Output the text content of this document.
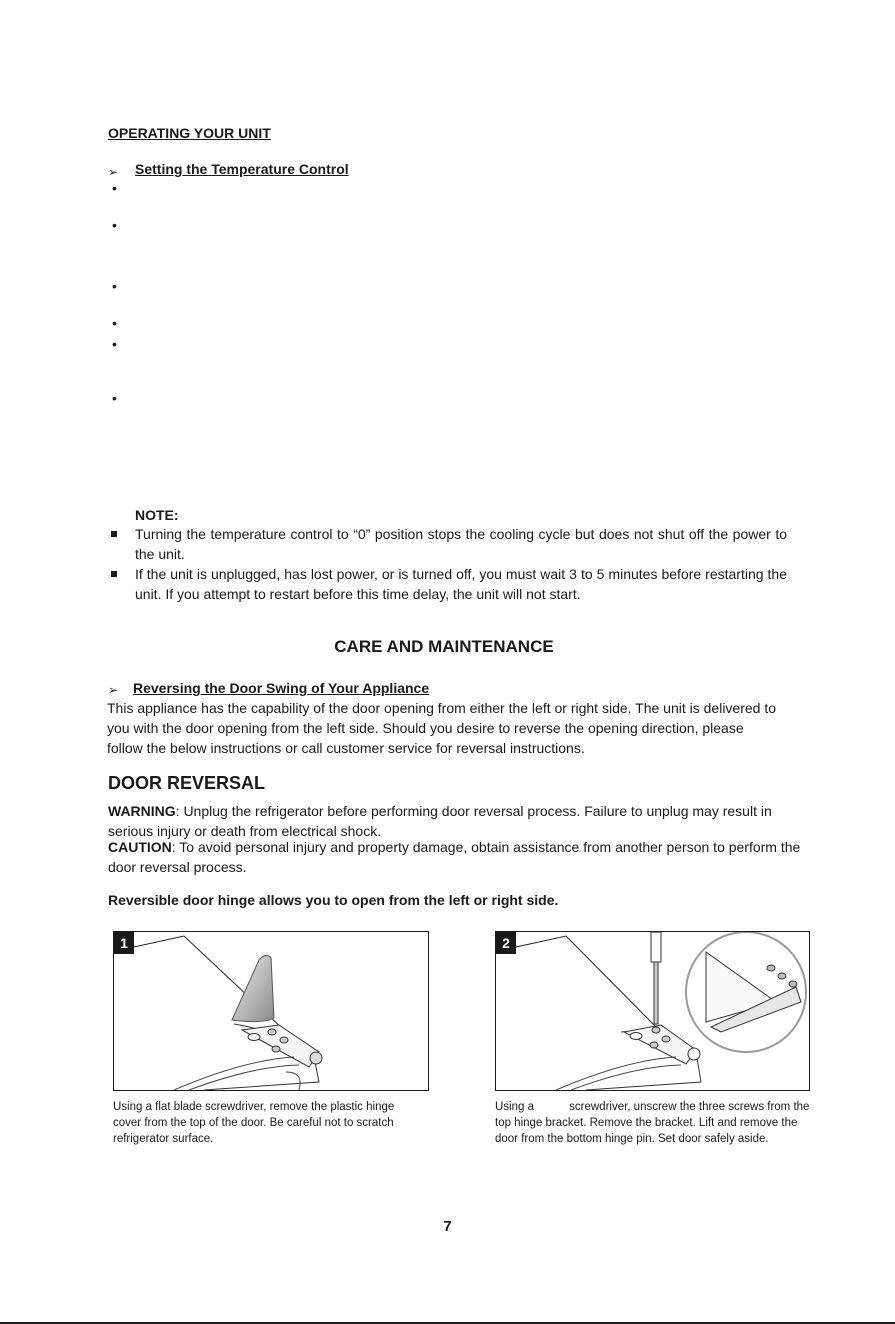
OPERATING YOUR UNIT
➢ Setting the Temperature Control
•
•
•
•
•
•
NOTE:
Turning the temperature control to “0” position stops the cooling cycle but does not shut off the power to the unit.
If the unit is unplugged, has lost power, or is turned off, you must wait 3 to 5 minutes before restarting the unit. If you attempt to restart before this time delay, the unit will not start.
CARE AND MAINTENANCE
➢ Reversing the Door Swing of Your Appliance
This appliance has the capability of the door opening from either the left or right side. The unit is delivered to you with the door opening from the left side. Should you desire to reverse the opening direction, please follow the below instructions or call customer service for reversal instructions.
DOOR REVERSAL
WARNING: Unplug the refrigerator before performing door reversal process. Failure to unplug may result in serious injury or death from electrical shock.
CAUTION: To avoid personal injury and property damage, obtain assistance from another person to perform the door reversal process.
Reversible door hinge allows you to open from the left or right side.
1
Using a flat blade screwdriver, remove the plastic hinge cover from the top of the door. Be careful not to scratch refrigerator surface.
2
Using a           screwdriver, unscrew the three screws from the top hinge bracket. Remove the bracket. Lift and remove the door from the bottom hinge pin. Set door safely aside.
7
